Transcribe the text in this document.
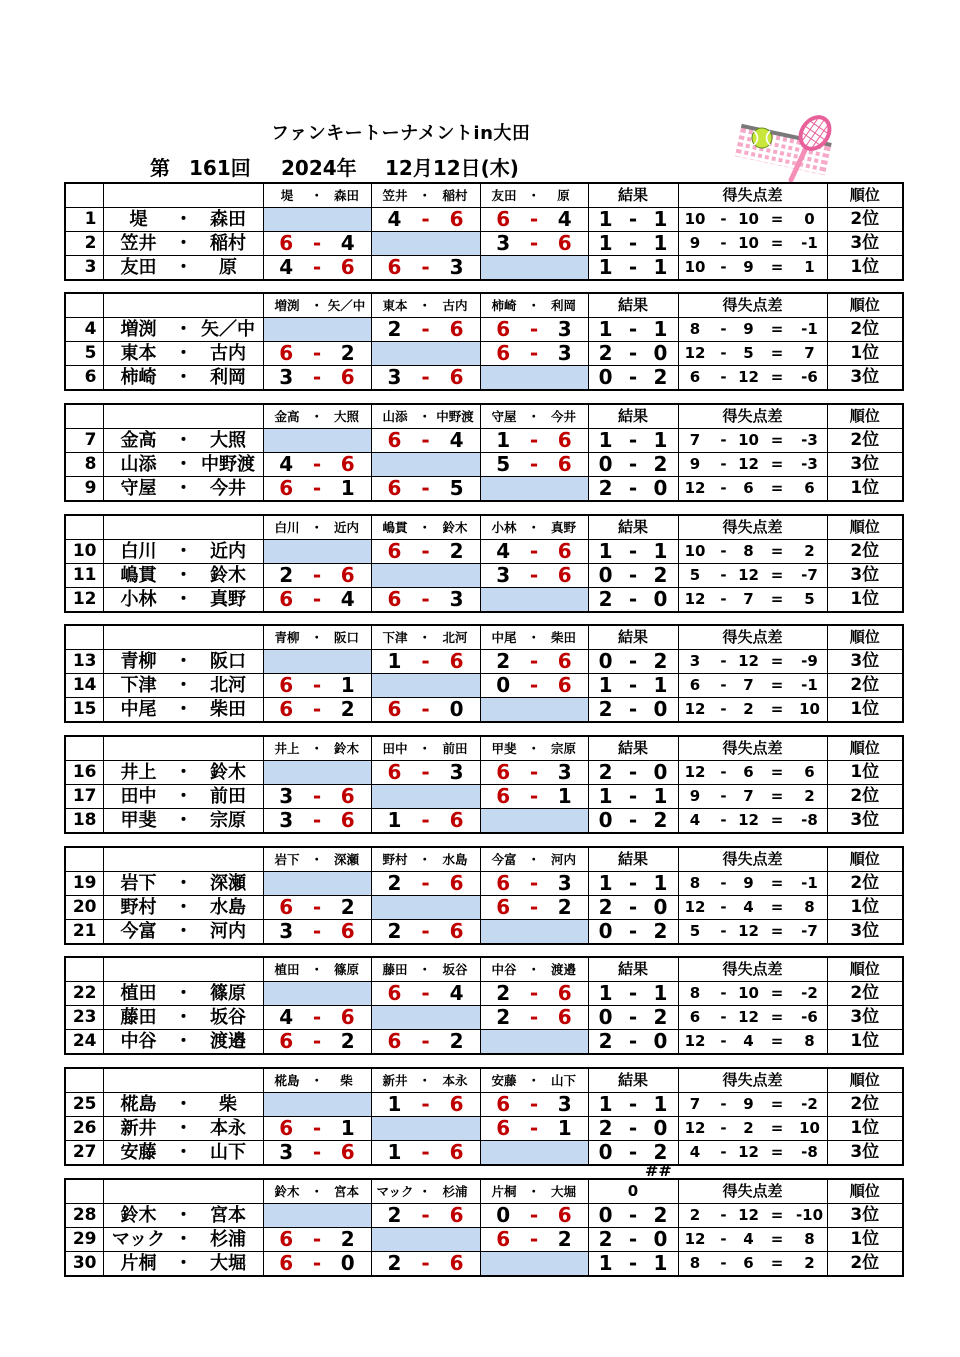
ファンキートーナメントin大田
第 161回 2024年 12月12日(木)

		堤 ・ 森田	笠井 ・ 稲村	友田 ・ 原	結果	得失点差	順位
1	堤 ・ 森田		4 - 6	6 - 4	1 - 1	10 - 10 = 0	2位
2	笠井 ・ 稲村	6 - 4		3 - 6	1 - 1	9 - 10 = -1	3位
3	友田 ・ 原	4 - 6	6 - 3		1 - 1	10 - 9 = 1	1位

		増渕 ・ 矢／中	東本 ・ 古内	柿崎 ・ 利岡	結果	得失点差	順位
4	増渕 ・ 矢／中		2 - 6	6 - 3	1 - 1	8 - 9 = -1	2位
5	東本 ・ 古内	6 - 2		6 - 3	2 - 0	12 - 5 = 7	1位
6	柿崎 ・ 利岡	3 - 6	3 - 6		0 - 2	6 - 12 = -6	3位

		金高 ・ 大照	山添 ・ 中野渡	守屋 ・ 今井	結果	得失点差	順位
7	金高 ・ 大照		6 - 4	1 - 6	1 - 1	7 - 10 = -3	2位
8	山添 ・ 中野渡	4 - 6		5 - 6	0 - 2	9 - 12 = -3	3位
9	守屋 ・ 今井	6 - 1	6 - 5		2 - 0	12 - 6 = 6	1位

		白川 ・ 近内	嶋貫 ・ 鈴木	小林 ・ 真野	結果	得失点差	順位
10	白川 ・ 近内		6 - 2	4 - 6	1 - 1	10 - 8 = 2	2位
11	嶋貫 ・ 鈴木	2 - 6		3 - 6	0 - 2	5 - 12 = -7	3位
12	小林 ・ 真野	6 - 4	6 - 3		2 - 0	12 - 7 = 5	1位

		青柳 ・ 阪口	下津 ・ 北河	中尾 ・ 柴田	結果	得失点差	順位
13	青柳 ・ 阪口		1 - 6	2 - 6	0 - 2	3 - 12 = -9	3位
14	下津 ・ 北河	6 - 1		0 - 6	1 - 1	6 - 7 = -1	2位
15	中尾 ・ 柴田	6 - 2	6 - 0		2 - 0	12 - 2 = 10	1位

		井上 ・ 鈴木	田中 ・ 前田	甲斐 ・ 宗原	結果	得失点差	順位
16	井上 ・ 鈴木		6 - 3	6 - 3	2 - 0	12 - 6 = 6	1位
17	田中 ・ 前田	3 - 6		6 - 1	1 - 1	9 - 7 = 2	2位
18	甲斐 ・ 宗原	3 - 6	1 - 6		0 - 2	4 - 12 = -8	3位

		岩下 ・ 深瀬	野村 ・ 水島	今富 ・ 河内	結果	得失点差	順位
19	岩下 ・ 深瀬		2 - 6	6 - 3	1 - 1	8 - 9 = -1	2位
20	野村 ・ 水島	6 - 2		6 - 2	2 - 0	12 - 4 = 8	1位
21	今富 ・ 河内	3 - 6	2 - 6		0 - 2	5 - 12 = -7	3位

		植田 ・ 篠原	藤田 ・ 坂谷	中谷 ・ 渡邉	結果	得失点差	順位
22	植田 ・ 篠原		6 - 4	2 - 6	1 - 1	8 - 10 = -2	2位
23	藤田 ・ 坂谷	4 - 6		2 - 6	0 - 2	6 - 12 = -6	3位
24	中谷 ・ 渡邉	6 - 2	6 - 2		2 - 0	12 - 4 = 8	1位

		椛島 ・ 柴	新井 ・ 本永	安藤 ・ 山下	結果	得失点差	順位
25	椛島 ・ 柴		1 - 6	6 - 3	1 - 1	7 - 9 = -2	2位
26	新井 ・ 本永	6 - 1		6 - 1	2 - 0	12 - 2 = 10	1位
27	安藤 ・ 山下	3 - 6	1 - 6		0 - 2	4 - 12 = -8	3位

		鈴木 ・ 宮本	マック ・ 杉浦	片桐 ・ 大堀	0	得失点差	順位
28	鈴木 ・ 宮本		2 - 6	0 - 6	0 - 2	2 - 12 = -10	3位
29	マック ・ 杉浦	6 - 2		6 - 2	2 - 0	12 - 4 = 8	1位
30	片桐 ・ 大堀	6 - 0	2 - 6		1 - 1	8 - 6 = 2	2位
##
